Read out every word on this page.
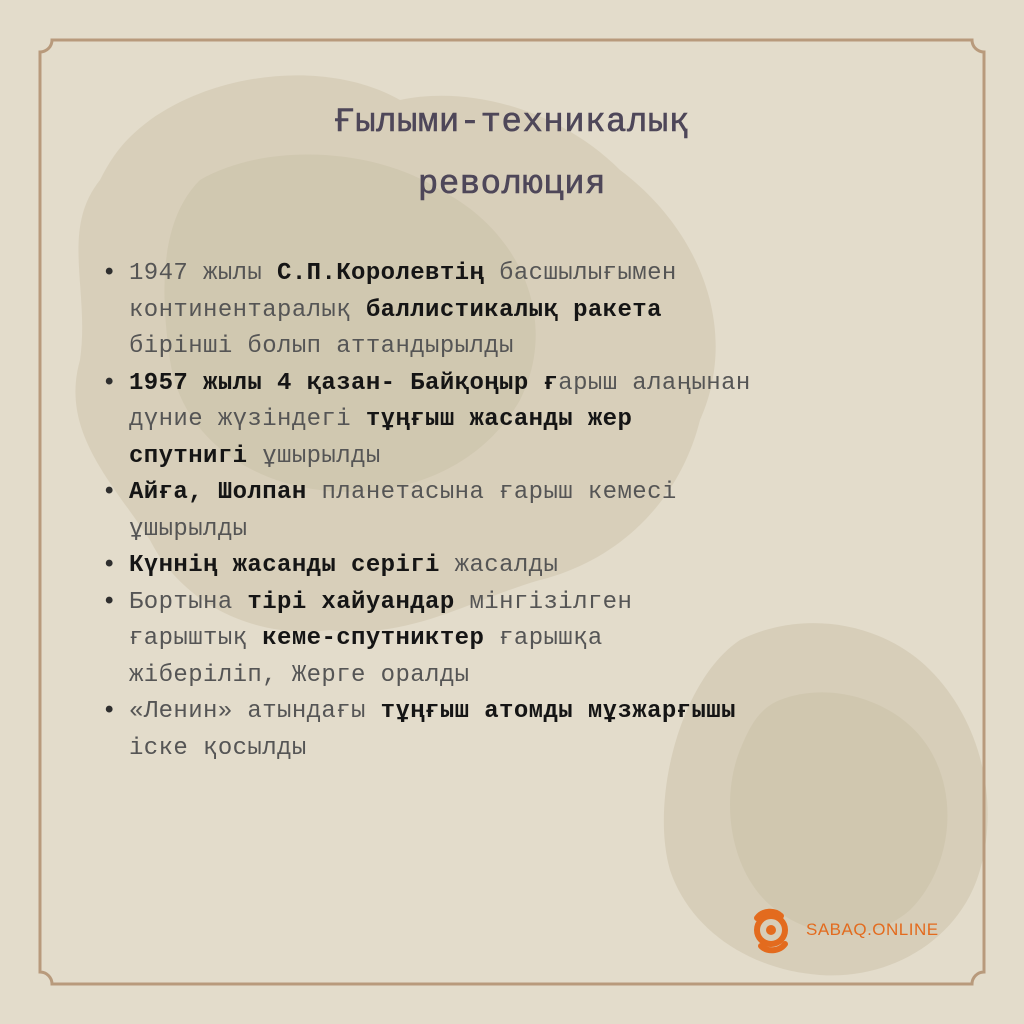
Ғылыми-техникалық
революция
• 1947 жылы С.П.Королевтің басшылығымен
континентаралық баллистикалық ракета
бірінші болып аттандырылды
• 1957 жылы 4 қазан- Байқоңыр ғарыш алаңынан
дүние жүзіндегі тұңғыш жасанды жер
спутнигі ұшырылды
• Айға, Шолпан планетасына ғарыш кемесі
ұшырылды
• Күннің жасанды серігі жасалды
• Бортына тірі хайуандар мінгізілген
ғарыштық кеме-спутниктер ғарышқа
жіберіліп, Жерге оралды
• «Ленин» атындағы тұңғыш атомды мұзжарғышы
іске қосылды
SABAQ.ONLINE
